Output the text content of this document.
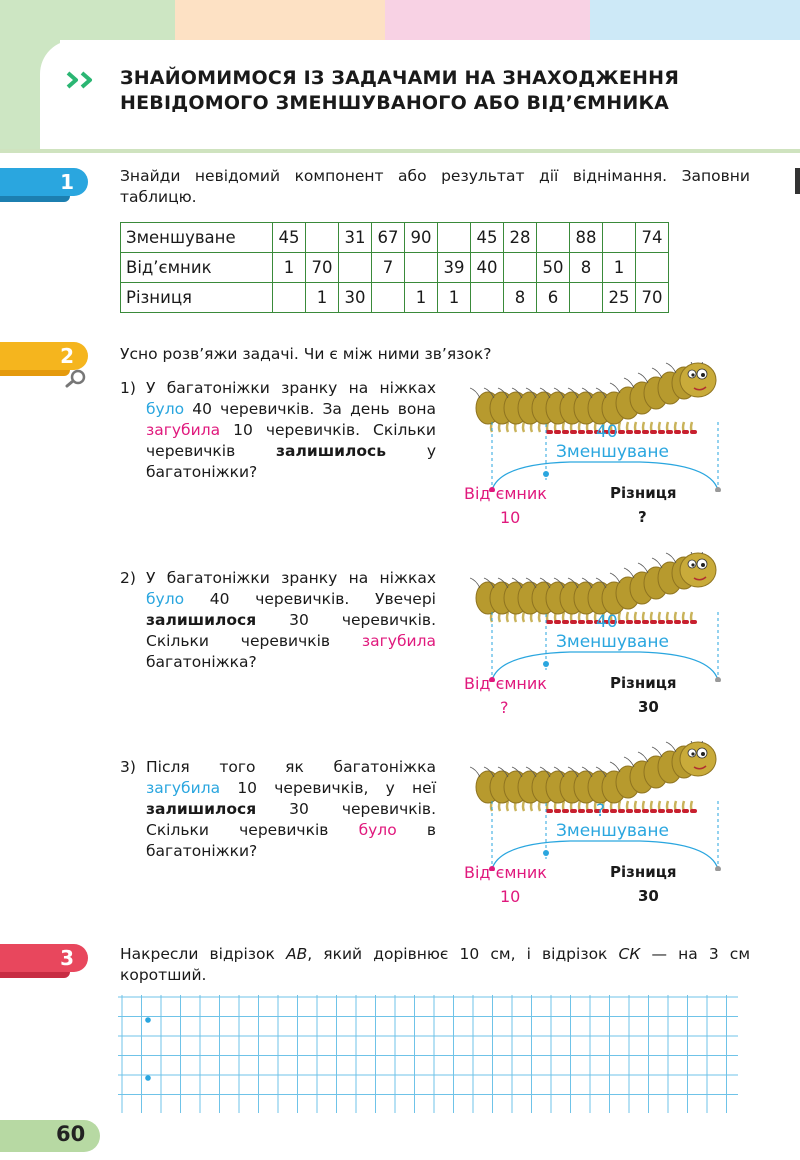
ЗНАЙОМИМОСЯ ІЗ ЗАДАЧАМИ НА ЗНАХОДЖЕННЯ
НЕВІДОМОГО ЗМЕНШУВАНОГО АБО ВІД’ЄМНИКА
1	Знайди невідомий компонент або результат дії віднімання. Заповни таблицю.
Зменшуване	45		31	67	90		45	28		88		74
Від’ємник	1	70		7		39	40		50	8	1	
Різниця		1	30		1	1		8	6		25	70
2	Усно розв’яжи задачі. Чи є між ними зв’язок?
1) У багатоніжки зранку на ніжках було 40 черевичків. За день вона загубила 10 черевичків. Скільки черевичків залишилось у багатоніжки?
40
Зменшуване
Від’ємник
10
Різниця
?
2) У багатоніжки зранку на ніжках було 40 черевичків. Увечері залишилося 30 черевичків. Скільки черевичків загубила багатоніжка?
40
Зменшуване
Від’ємник
?
Різниця
30
3) Після того як багатоніжка загубила 10 черевичків, у неї залишилося 30 черевичків. Скільки черевичків було в багатоніжки?
?
Зменшуване
Від’ємник
10
Різниця
30
3	Накресли відрізок АВ, який дорівнює 10 см, і відрізок СК — на 3 см коротший.
60
